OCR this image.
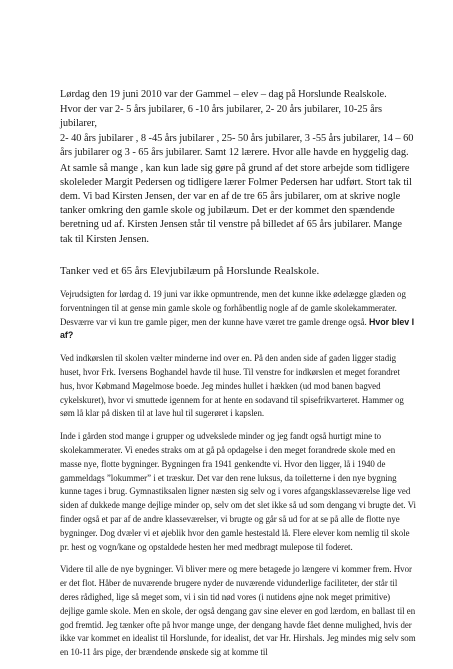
Lørdag den 19 juni 2010 var der Gammel – elev – dag på Horslunde Realskole.

Hvor der var 2- 5 års jubilarer, 6 -10 års jubilarer, 2- 20 års jubilarer, 10-25 års jubilarer,

2- 40 års jubilarer , 8 -45 års jubilarer , 25- 50 års jubilarer, 3 -55 års jubilarer, 14 – 60 års jubilarer og 3 - 65 års jubilarer. Samt 12 lærere. Hvor alle havde en hyggelig dag.

At samle så mange , kan kun lade sig gøre på grund af det store arbejde som tidligere skoleleder Margit Pedersen og tidligere lærer Folmer Pedersen har udført. Stort tak til dem. Vi bad Kirsten Jensen, der var en af de tre 65 års jubilarer, om at skrive nogle tanker omkring den gamle skole og jubilæum. Det er der kommet den spændende beretning ud af. Kirsten Jensen står til venstre på billedet af 65 års jubilarer. Mange tak til Kirsten Jensen.

Tanker ved et 65 års Elevjubilæum på Horslunde Realskole.

Vejrudsigten for lørdag d. 19 juni var ikke opmuntrende, men det kunne ikke ødelægge glæden og forventningen til at gense min gamle skole og forhåbentlig nogle af de gamle skolekammerater. Desværre var vi kun tre gamle piger, men der kunne have været tre gamle drenge også. Hvor blev I af?

Ved indkørslen til skolen vælter minderne ind over en. På den anden side af gaden ligger stadig huset, hvor Frk. Iversens Boghandel havde til huse. Til venstre for indkørslen et meget forandret hus, hvor Købmand Møgelmose boede. Jeg mindes hullet i hækken (ud mod banen bagved cykelskuret), hvor vi smuttede igennem for at hente en sodavand til spisefrikvarteret. Hammer og søm lå klar på disken til at lave hul til sugerøret i kapslen.

Inde i gården stod mange i grupper og udvekslede minder og jeg fandt også hurtigt mine to skolekammerater. Vi enedes straks om at gå på opdagelse i den meget forandrede skole med en masse nye, flotte bygninger. Bygningen fra 1941 genkendte vi. Hvor den ligger, lå i 1940 de gammeldags ”lokummer” i et træskur. Det var den rene luksus, da toiletterne i den nye bygning kunne tages i brug. Gymnastiksalen ligner næsten sig selv og i vores afgangsklasseværelse lige ved siden af dukkede mange dejlige minder op, selv om det slet ikke så ud som dengang vi brugte det. Vi finder også et par af de andre klasseværelser, vi brugte og går så ud for at se på alle de flotte nye bygninger. Dog dvæler vi et øjeblik hvor den gamle hestestald lå. Flere elever kom nemlig til skole pr. hest og vogn/kane og opstaldede hesten her med medbragt mulepose til foderet.

Videre til alle de nye bygninger. Vi bliver mere og mere betagede jo længere vi kommer frem. Hvor er det flot. Håber de nuværende brugere nyder de nuværende vidunderlige faciliteter, der står til deres rådighed, lige så meget som, vi i sin tid nød vores (i nutidens øjne nok meget primitive) dejlige gamle skole. Men en skole, der også dengang gav sine elever en god lærdom, en ballast til en god fremtid. Jeg tænker ofte på hvor mange unge, der dengang havde fået denne mulighed, hvis der ikke var kommet en idealist til Horslunde, for idealist, det var Hr. Hirshals. Jeg mindes mig selv som en 10-11 års pige, der brændende ønskede sig at komme til
